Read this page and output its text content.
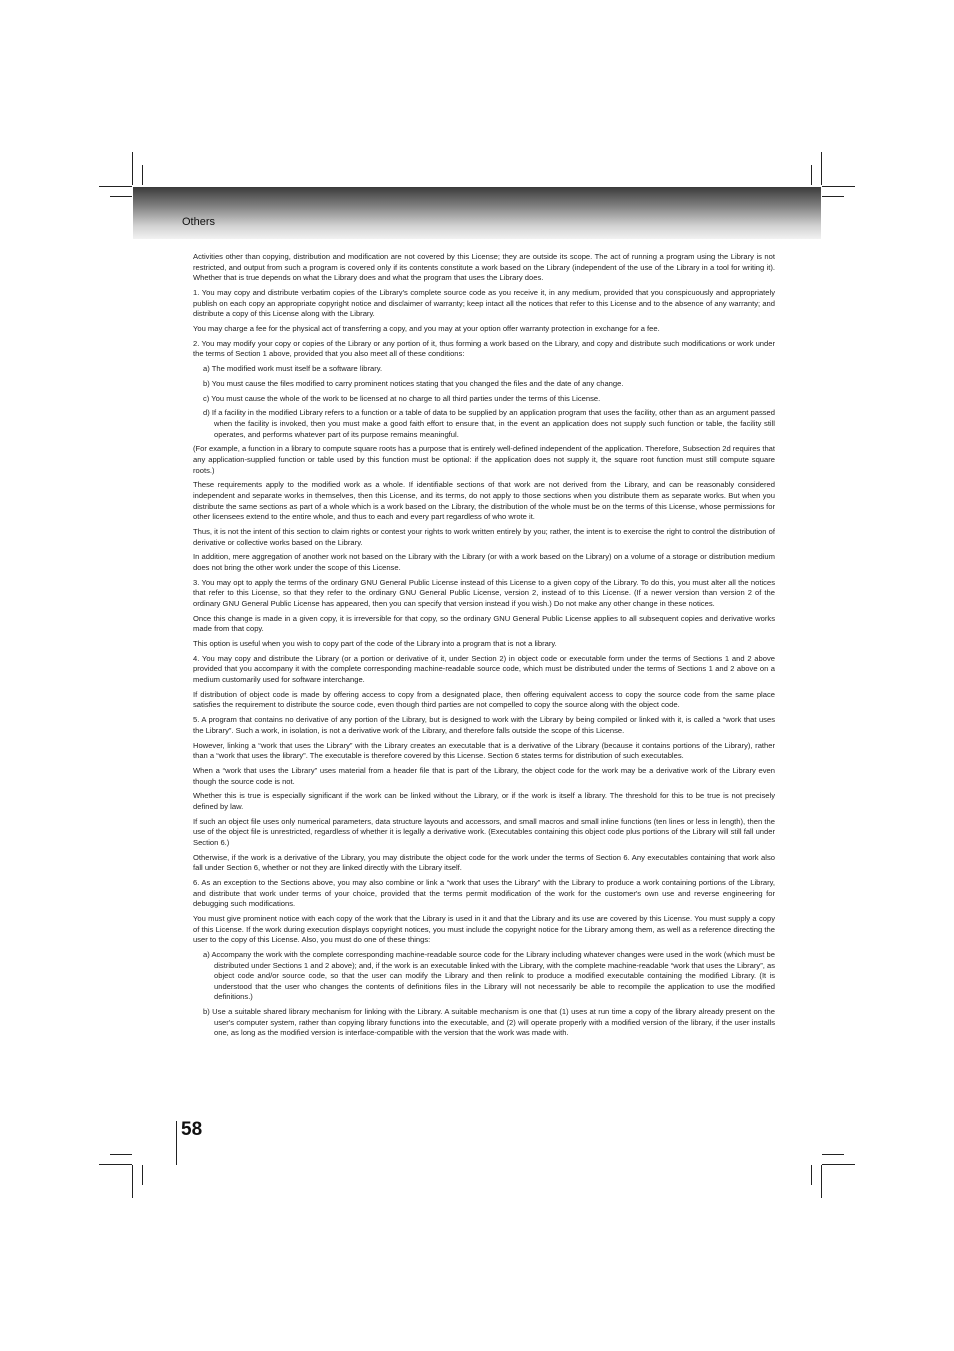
Others

Activities other than copying, distribution and modification are not covered by this License; they are outside its scope. The act of running a program using the Library is not restricted, and output from such a program is covered only if its contents constitute a work based on the Library (independent of the use of the Library in a tool for writing it). Whether that is true depends on what the Library does and what the program that uses the Library does.

1. You may copy and distribute verbatim copies of the Library's complete source code as you receive it, in any medium, provided that you conspicuously and appropriately publish on each copy an appropriate copyright notice and disclaimer of warranty; keep intact all the notices that refer to this License and to the absence of any warranty; and distribute a copy of this License along with the Library.

You may charge a fee for the physical act of transferring a copy, and you may at your option offer warranty protection in exchange for a fee.

2. You may modify your copy or copies of the Library or any portion of it, thus forming a work based on the Library, and copy and distribute such modifications or work under the terms of Section 1 above, provided that you also meet all of these conditions:

a) The modified work must itself be a software library.

b) You must cause the files modified to carry prominent notices stating that you changed the files and the date of any change.

c) You must cause the whole of the work to be licensed at no charge to all third parties under the terms of this License.

d) If a facility in the modified Library refers to a function or a table of data to be supplied by an application program that uses the facility, other than as an argument passed when the facility is invoked, then you must make a good faith effort to ensure that, in the event an application does not supply such function or table, the facility still operates, and performs whatever part of its purpose remains meaningful.

(For example, a function in a library to compute square roots has a purpose that is entirely well-defined independent of the application. Therefore, Subsection 2d requires that any application-supplied function or table used by this function must be optional: if the application does not supply it, the square root function must still compute square roots.)

These requirements apply to the modified work as a whole. If identifiable sections of that work are not derived from the Library, and can be reasonably considered independent and separate works in themselves, then this License, and its terms, do not apply to those sections when you distribute them as separate works. But when you distribute the same sections as part of a whole which is a work based on the Library, the distribution of the whole must be on the terms of this License, whose permissions for other licensees extend to the entire whole, and thus to each and every part regardless of who wrote it.

Thus, it is not the intent of this section to claim rights or contest your rights to work written entirely by you; rather, the intent is to exercise the right to control the distribution of derivative or collective works based on the Library.

In addition, mere aggregation of another work not based on the Library with the Library (or with a work based on the Library) on a volume of a storage or distribution medium does not bring the other work under the scope of this License.

3. You may opt to apply the terms of the ordinary GNU General Public License instead of this License to a given copy of the Library. To do this, you must alter all the notices that refer to this License, so that they refer to the ordinary GNU General Public License, version 2, instead of to this License. (If a newer version than version 2 of the ordinary GNU General Public License has appeared, then you can specify that version instead if you wish.) Do not make any other change in these notices.

Once this change is made in a given copy, it is irreversible for that copy, so the ordinary GNU General Public License applies to all subsequent copies and derivative works made from that copy.

This option is useful when you wish to copy part of the code of the Library into a program that is not a library.

4. You may copy and distribute the Library (or a portion or derivative of it, under Section 2) in object code or executable form under the terms of Sections 1 and 2 above provided that you accompany it with the complete corresponding machine-readable source code, which must be distributed under the terms of Sections 1 and 2 above on a medium customarily used for software interchange.

If distribution of object code is made by offering access to copy from a designated place, then offering equivalent access to copy the source code from the same place satisfies the requirement to distribute the source code, even though third parties are not compelled to copy the source along with the object code.

5. A program that contains no derivative of any portion of the Library, but is designed to work with the Library by being compiled or linked with it, is called a “work that uses the Library”. Such a work, in isolation, is not a derivative work of the Library, and therefore falls outside the scope of this License.

However, linking a “work that uses the Library” with the Library creates an executable that is a derivative of the Library (because it contains portions of the Library), rather than a “work that uses the library”. The executable is therefore covered by this License. Section 6 states terms for distribution of such executables.

When a “work that uses the Library” uses material from a header file that is part of the Library, the object code for the work may be a derivative work of the Library even though the source code is not.

Whether this is true is especially significant if the work can be linked without the Library, or if the work is itself a library. The threshold for this to be true is not precisely defined by law.

If such an object file uses only numerical parameters, data structure layouts and accessors, and small macros and small inline functions (ten lines or less in length), then the use of the object file is unrestricted, regardless of whether it is legally a derivative work. (Executables containing this object code plus portions of the Library will still fall under Section 6.)

Otherwise, if the work is a derivative of the Library, you may distribute the object code for the work under the terms of Section 6. Any executables containing that work also fall under Section 6, whether or not they are linked directly with the Library itself.

6. As an exception to the Sections above, you may also combine or link a “work that uses the Library” with the Library to produce a work containing portions of the Library, and distribute that work under terms of your choice, provided that the terms permit modification of the work for the customer's own use and reverse engineering for debugging such modifications.

You must give prominent notice with each copy of the work that the Library is used in it and that the Library and its use are covered by this License. You must supply a copy of this License. If the work during execution displays copyright notices, you must include the copyright notice for the Library among them, as well as a reference directing the user to the copy of this License. Also, you must do one of these things:

a) Accompany the work with the complete corresponding machine-readable source code for the Library including whatever changes were used in the work (which must be distributed under Sections 1 and 2 above); and, if the work is an executable linked with the Library, with the complete machine-readable “work that uses the Library”, as object code and/or source code, so that the user can modify the Library and then relink to produce a modified executable containing the modified Library. (It is understood that the user who changes the contents of definitions files in the Library will not necessarily be able to recompile the application to use the modified definitions.)

b) Use a suitable shared library mechanism for linking with the Library. A suitable mechanism is one that (1) uses at run time a copy of the library already present on the user's computer system, rather than copying library functions into the executable, and (2) will operate properly with a modified version of the library, if the user installs one, as long as the modified version is interface-compatible with the version that the work was made with.

58
